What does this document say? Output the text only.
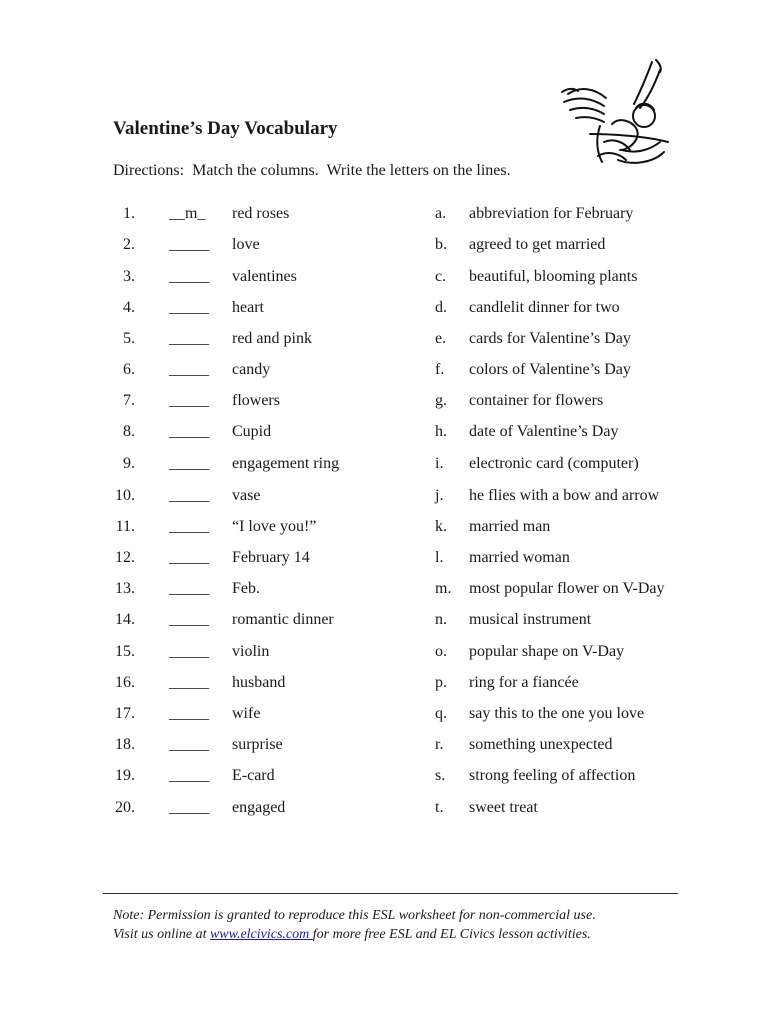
Valentine’s Day Vocabulary
Directions:  Match the columns.  Write the letters on the lines.
1. __m_ red roses	a. abbreviation for February
2. _____ love	b. agreed to get married
3. _____ valentines	c. beautiful, blooming plants
4. _____ heart	d. candlelit dinner for two
5. _____ red and pink	e. cards for Valentine’s Day
6. _____ candy	f. colors of Valentine’s Day
7. _____ flowers	g. container for flowers
8. _____ Cupid	h. date of Valentine’s Day
9. _____ engagement ring	i. electronic card (computer)
10. _____ vase	j. he flies with a bow and arrow
11. _____ “I love you!”	k. married man
12. _____ February 14	l. married woman
13. _____ Feb.	m. most popular flower on V-Day
14. _____ romantic dinner	n. musical instrument
15. _____ violin	o. popular shape on V-Day
16. _____ husband	p. ring for a fiancée
17. _____ wife	q. say this to the one you love
18. _____ surprise	r. something unexpected
19. _____ E-card	s. strong feeling of affection
20. _____ engaged	t. sweet treat
Note: Permission is granted to reproduce this ESL worksheet for non-commercial use.
Visit us online at www.elcivics.com for more free ESL and EL Civics lesson activities.
